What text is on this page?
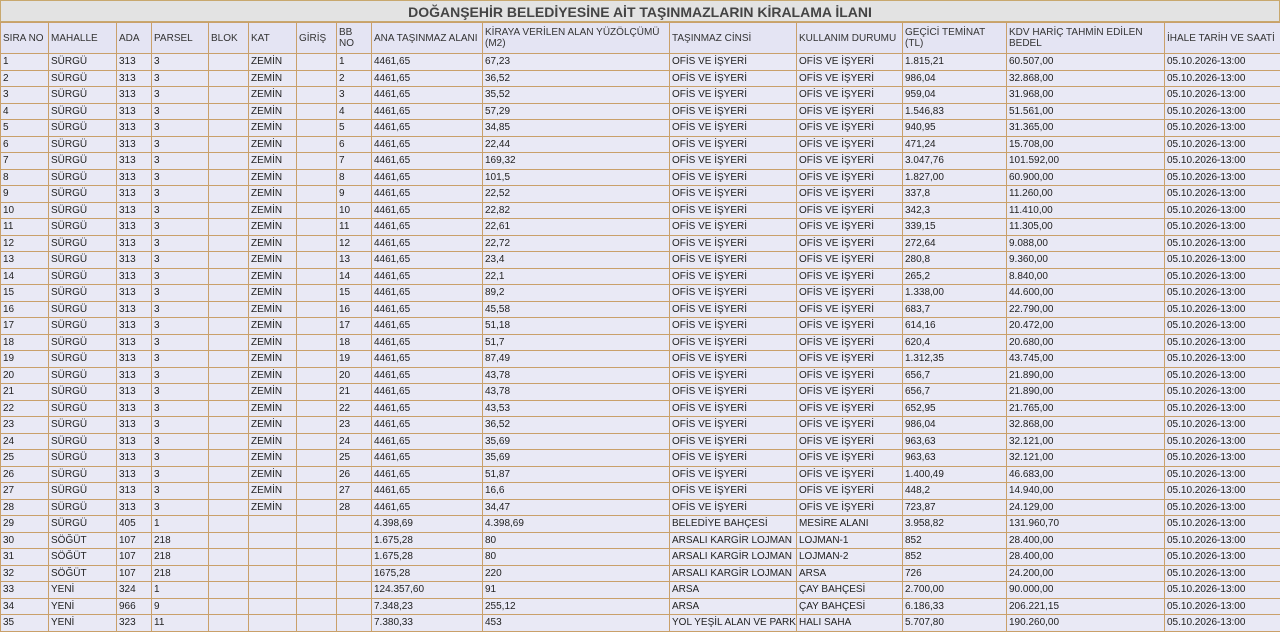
DOĞANŞEHİR BELEDİYESİNE AİT TAŞINMAZLARIN KİRALAMA İLANI
SIRA NO	MAHALLE	ADA	PARSEL	BLOK	KAT	GİRİŞ	BB NO	ANA TAŞINMAZ ALANI	KİRAYA VERİLEN ALAN YÜZÖLÇÜMÜ (M2)	TAŞINMAZ CİNSİ	KULLANIM DURUMU	GEÇİCİ TEMİNAT (TL)	KDV HARİÇ TAHMİN EDİLEN BEDEL	İHALE TARİH VE SAATİ
1	SÜRGÜ	313	3		ZEMİN		1	4461,65	67,23	OFİS VE İŞYERİ	OFİS VE İŞYERİ	1.815,21	60.507,00	05.10.2026-13:00
2	SÜRGÜ	313	3		ZEMİN		2	4461,65	36,52	OFİS VE İŞYERİ	OFİS VE İŞYERİ	986,04	32.868,00	05.10.2026-13:00
3	SÜRGÜ	313	3		ZEMİN		3	4461,65	35,52	OFİS VE İŞYERİ	OFİS VE İŞYERİ	959,04	31.968,00	05.10.2026-13:00
4	SÜRGÜ	313	3		ZEMİN		4	4461,65	57,29	OFİS VE İŞYERİ	OFİS VE İŞYERİ	1.546,83	51.561,00	05.10.2026-13:00
5	SÜRGÜ	313	3		ZEMİN		5	4461,65	34,85	OFİS VE İŞYERİ	OFİS VE İŞYERİ	940,95	31.365,00	05.10.2026-13:00
6	SÜRGÜ	313	3		ZEMİN		6	4461,65	22,44	OFİS VE İŞYERİ	OFİS VE İŞYERİ	471,24	15.708,00	05.10.2026-13:00
7	SÜRGÜ	313	3		ZEMİN		7	4461,65	169,32	OFİS VE İŞYERİ	OFİS VE İŞYERİ	3.047,76	101.592,00	05.10.2026-13:00
8	SÜRGÜ	313	3		ZEMİN		8	4461,65	101,5	OFİS VE İŞYERİ	OFİS VE İŞYERİ	1.827,00	60.900,00	05.10.2026-13:00
9	SÜRGÜ	313	3		ZEMİN		9	4461,65	22,52	OFİS VE İŞYERİ	OFİS VE İŞYERİ	337,8	11.260,00	05.10.2026-13:00
10	SÜRGÜ	313	3		ZEMİN		10	4461,65	22,82	OFİS VE İŞYERİ	OFİS VE İŞYERİ	342,3	11.410,00	05.10.2026-13:00
11	SÜRGÜ	313	3		ZEMİN		11	4461,65	22,61	OFİS VE İŞYERİ	OFİS VE İŞYERİ	339,15	11.305,00	05.10.2026-13:00
12	SÜRGÜ	313	3		ZEMİN		12	4461,65	22,72	OFİS VE İŞYERİ	OFİS VE İŞYERİ	272,64	9.088,00	05.10.2026-13:00
13	SÜRGÜ	313	3		ZEMİN		13	4461,65	23,4	OFİS VE İŞYERİ	OFİS VE İŞYERİ	280,8	9.360,00	05.10.2026-13:00
14	SÜRGÜ	313	3		ZEMİN		14	4461,65	22,1	OFİS VE İŞYERİ	OFİS VE İŞYERİ	265,2	8.840,00	05.10.2026-13:00
15	SÜRGÜ	313	3		ZEMİN		15	4461,65	89,2	OFİS VE İŞYERİ	OFİS VE İŞYERİ	1.338,00	44.600,00	05.10.2026-13:00
16	SÜRGÜ	313	3		ZEMİN		16	4461,65	45,58	OFİS VE İŞYERİ	OFİS VE İŞYERİ	683,7	22.790,00	05.10.2026-13:00
17	SÜRGÜ	313	3		ZEMİN		17	4461,65	51,18	OFİS VE İŞYERİ	OFİS VE İŞYERİ	614,16	20.472,00	05.10.2026-13:00
18	SÜRGÜ	313	3		ZEMİN		18	4461,65	51,7	OFİS VE İŞYERİ	OFİS VE İŞYERİ	620,4	20.680,00	05.10.2026-13:00
19	SÜRGÜ	313	3		ZEMİN		19	4461,65	87,49	OFİS VE İŞYERİ	OFİS VE İŞYERİ	1.312,35	43.745,00	05.10.2026-13:00
20	SÜRGÜ	313	3		ZEMİN		20	4461,65	43,78	OFİS VE İŞYERİ	OFİS VE İŞYERİ	656,7	21.890,00	05.10.2026-13:00
21	SÜRGÜ	313	3		ZEMİN		21	4461,65	43,78	OFİS VE İŞYERİ	OFİS VE İŞYERİ	656,7	21.890,00	05.10.2026-13:00
22	SÜRGÜ	313	3		ZEMİN		22	4461,65	43,53	OFİS VE İŞYERİ	OFİS VE İŞYERİ	652,95	21.765,00	05.10.2026-13:00
23	SÜRGÜ	313	3		ZEMİN		23	4461,65	36,52	OFİS VE İŞYERİ	OFİS VE İŞYERİ	986,04	32.868,00	05.10.2026-13:00
24	SÜRGÜ	313	3		ZEMİN		24	4461,65	35,69	OFİS VE İŞYERİ	OFİS VE İŞYERİ	963,63	32.121,00	05.10.2026-13:00
25	SÜRGÜ	313	3		ZEMİN		25	4461,65	35,69	OFİS VE İŞYERİ	OFİS VE İŞYERİ	963,63	32.121,00	05.10.2026-13:00
26	SÜRGÜ	313	3		ZEMİN		26	4461,65	51,87	OFİS VE İŞYERİ	OFİS VE İŞYERİ	1.400,49	46.683,00	05.10.2026-13:00
27	SÜRGÜ	313	3		ZEMİN		27	4461,65	16,6	OFİS VE İŞYERİ	OFİS VE İŞYERİ	448,2	14.940,00	05.10.2026-13:00
28	SÜRGÜ	313	3		ZEMİN		28	4461,65	34,47	OFİS VE İŞYERİ	OFİS VE İŞYERİ	723,87	24.129,00	05.10.2026-13:00
29	SÜRGÜ	405	1					4.398,69	4.398,69	BELEDİYE BAHÇESİ	MESİRE ALANI	3.958,82	131.960,70	05.10.2026-13:00
30	SÖĞÜT	107	218					1.675,28	80	ARSALI KARGİR LOJMAN	LOJMAN-1	852	28.400,00	05.10.2026-13:00
31	SÖĞÜT	107	218					1.675,28	80	ARSALI KARGİR LOJMAN	LOJMAN-2	852	28.400,00	05.10.2026-13:00
32	SÖĞÜT	107	218					1675,28	220	ARSALI KARGİR LOJMAN	ARSA	726	24.200,00	05.10.2026-13:00
33	YENİ	324	1					124.357,60	91	ARSA	ÇAY BAHÇESİ	2.700,00	90.000,00	05.10.2026-13:00
34	YENİ	966	9					7.348,23	255,12	ARSA	ÇAY BAHÇESİ	6.186,33	206.221,15	05.10.2026-13:00
35	YENİ	323	11					7.380,33	453	YOL YEŞİL ALAN VE PARK	HALI SAHA	5.707,80	190.260,00	05.10.2026-13:00
